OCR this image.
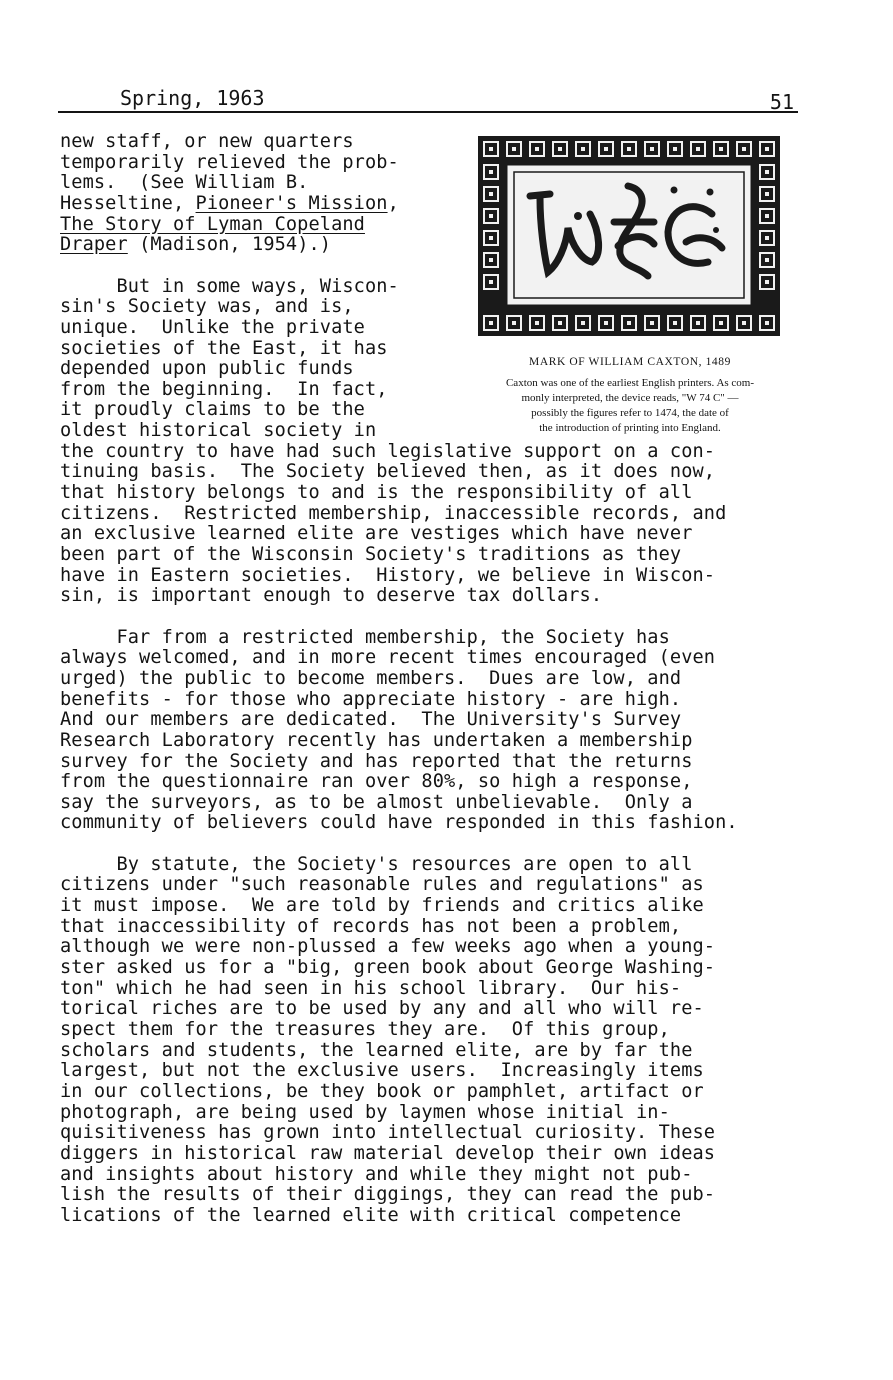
Spring, 1963	51
MARK OF WILLIAM CAXTON, 1489
Caxton was one of the earliest English printers. As com-
monly interpreted, the device reads, "W 74 C" —
possibly the figures refer to 1474, the date of
the introduction of printing into England.
new staff, or new quarters
temporarily relieved the prob-
lems.  (See William B.
Hesseltine, Pioneer's Mission,
The Story of Lyman Copeland
Draper (Madison, 1954).)
But in some ways, Wiscon-
sin's Society was, and is,
unique.  Unlike the private
societies of the East, it has
depended upon public funds
from the beginning.  In fact,
it proudly claims to be the
oldest historical society in
the country to have had such legislative support on a con-
tinuing basis.  The Society believed then, as it does now,
that history belongs to and is the responsibility of all
citizens.  Restricted membership, inaccessible records, and
an exclusive learned elite are vestiges which have never
been part of the Wisconsin Society's traditions as they
have in Eastern societies.  History, we believe in Wiscon-
sin, is important enough to deserve tax dollars.
Far from a restricted membership, the Society has
always welcomed, and in more recent times encouraged (even
urged) the public to become members.  Dues are low, and
benefits - for those who appreciate history - are high.
And our members are dedicated.  The University's Survey
Research Laboratory recently has undertaken a membership
survey for the Society and has reported that the returns
from the questionnaire ran over 80%, so high a response,
say the surveyors, as to be almost unbelievable.  Only a
community of believers could have responded in this fashion.
By statute, the Society's resources are open to all
citizens under "such reasonable rules and regulations" as
it must impose.  We are told by friends and critics alike
that inaccessibility of records has not been a problem,
although we were non-plussed a few weeks ago when a young-
ster asked us for a "big, green book about George Washing-
ton" which he had seen in his school library.  Our his-
torical riches are to be used by any and all who will re-
spect them for the treasures they are.  Of this group,
scholars and students, the learned elite, are by far the
largest, but not the exclusive users.  Increasingly items
in our collections, be they book or pamphlet, artifact or
photograph, are being used by laymen whose initial in-
quisitiveness has grown into intellectual curiosity. These
diggers in historical raw material develop their own ideas
and insights about history and while they might not pub-
lish the results of their diggings, they can read the pub-
lications of the learned elite with critical competence
